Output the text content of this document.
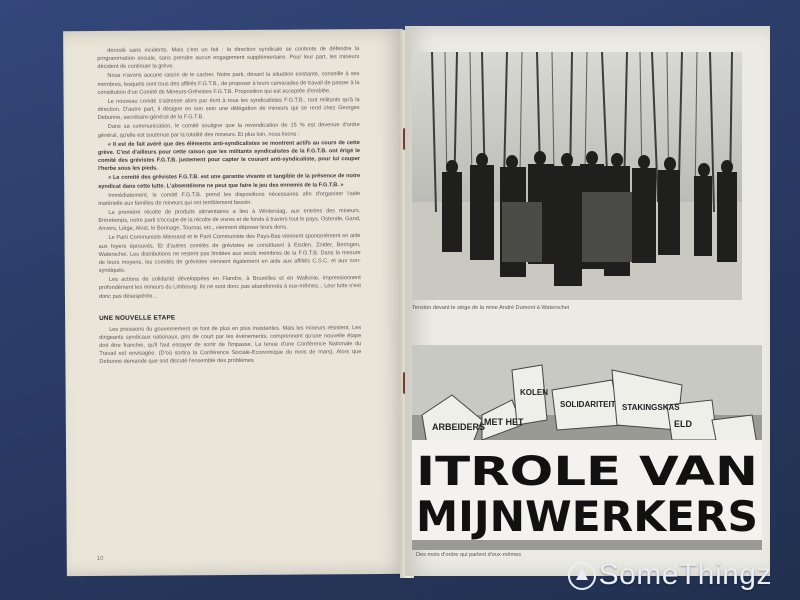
déroulé sans incidents. Mais c'est un fait : la direction syndicale se contente de défendre la programmation sociale, sans prendre aucun engagement supplémentaire. Pour leur part, les mineurs décident de continuer la grève.

Nous n'avons aucune raison de le cacher. Notre parti, devant la situation existante, conseille à ses membres, lesquels sont tous des affiliés F.G.T.B., de proposer à leurs camarades de travail de passer à la constitution d'un Comité de Mineurs-Grévistes F.G.T.B. Proposition qui est acceptée d'emblée.

Le nouveau comité s'adresse alors par écrit à tous les syndicalistes F.G.T.B., tant militants qu'à la direction. D'autre part, il désigne en son sein une délégation de mineurs qui se rend chez Georges Debunne, secrétaire-général de la F.G.T.B.

Dans sa communication, le comité souligne que la revendication de 15 % est devenue d'ordre général, qu'elle est soutenue par la totalité des mineurs. Et plus loin, nous lisons :

« Il est de fait avéré que des éléments anti-syndicalistes se montrent actifs au cours de cette grève. C'est d'ailleurs pour cette raison que les militants syndicalistes de la F.G.T.B. ont érigé le comité des grévistes F.G.T.B. justement pour capter le courant anti-syndicaliste, pour lui couper l'herbe sous les pieds.

« Le comité des grévistes F.G.T.B. est une garantie vivante et tangible de la présence de notre syndicat dans cette lutte. L'absentéisme ne peut que faire le jeu des ennemis de la F.G.T.B. »

Immédiatement, le comité F.G.T.B. prend les dispositions nécessaires afin d'organiser l'aide matérielle aux familles de mineurs qui ont terriblement besoin.

La première récolte de produits alimentaires a lieu à Winterslag, aux entrées des mineurs. Entretemps, notre parti s'occupe de la récolte de vivres et de fonds à travers tout le pays. Ostende, Gand, Anvers, Liège, Alost, le Borinage, Tournai, etc., viennent déposer leurs dons.

Le Parti Communiste Allemand et le Parti Communiste des Pays-Bas viennent spontanément en aide aux foyers éprouvés. Et d'autres comités de grévistes se constituent à Eisden, Zolder, Beringen, Waterschei. Les distributions ne restent pas limitées aux seuls membres de la F.G.T.B. Dans la mesure de leurs moyens, les comités de grévistes viennent également en aide aux affiliés C.S.C. et aux non-syndiqués.

Les actions de solidarité développées en Flandre, à Bruxelles et en Wallonie, impressionnent profondément les mineurs du Limbourg. Ils ne sont donc pas abandonnés à eux-mêmes... Leur lutte n'est donc pas désespérée...

UNE NOUVELLE ETAPE

Les pressions du gouvernement se font de plus en plus insistantes. Mais les mineurs résistent. Les dirigeants syndicaux nationaux, pris de court par les événements, comprennent qu'une nouvelle étape doit être franchie, qu'il faut essayer de sortir de l'impasse. La tenue d'une Conférence Nationale du Travail est envisagée. (D'où sortira la Conférence Sociale-Economique du mois de mars). Alors que Debunne demande que soit discuté l'ensemble des problèmes

10
Tension devant le siège de la mine André Dumont à Waterschei
ARBEIDERS
MET HET
KOLEN
SOLIDARITEIT STAKINGSKAS
ELD
ITROLE VAN
MIJNWERKERS
Des mots d'ordre qui parlent d'eux-mêmes
SomeThingz
